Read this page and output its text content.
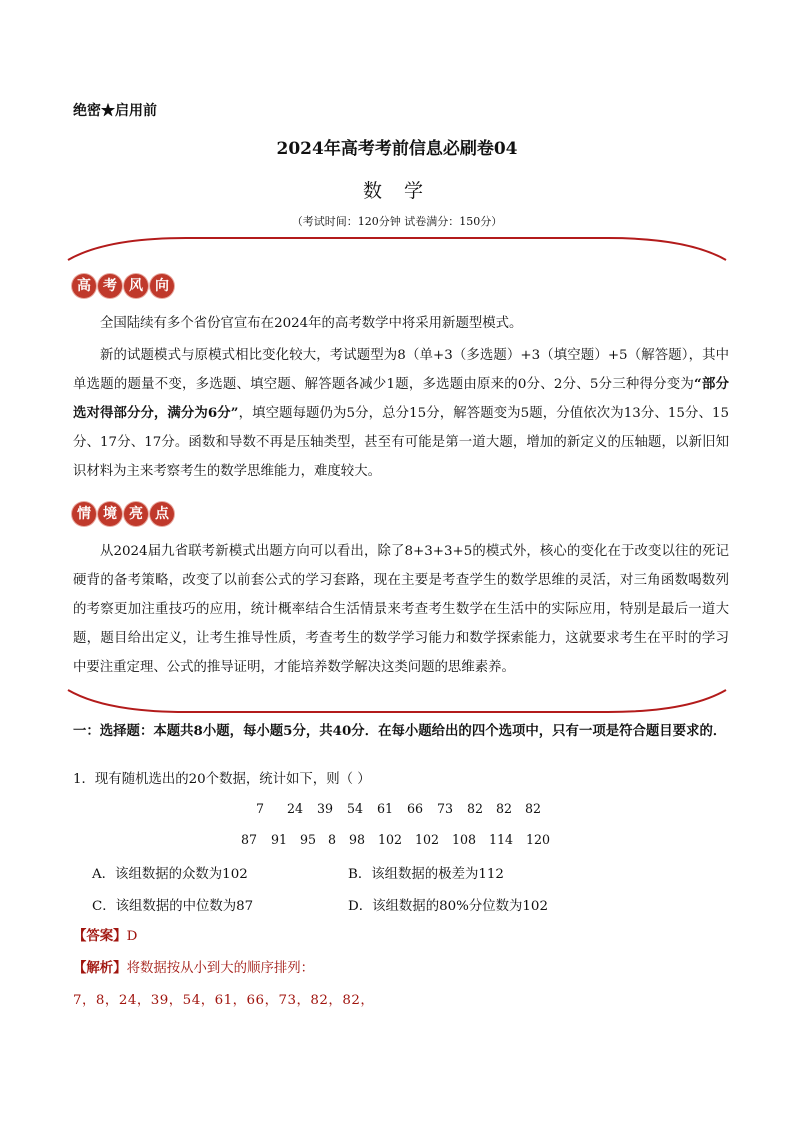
绝密★启用前
2024年高考考前信息必刷卷04
数 学
（考试时间：120分钟 试卷满分：150分）
高 考 风 向

全国陆续有多个省份官宣布在2024年的高考数学中将采用新题型模式。

新的试题模式与原模式相比变化较大，考试题型为8（单+3（多选题）+3（填空题）+5（解答题），其中单选题的题量不变，多选题、填空题、解答题各减少1题，多选题由原来的0分、2分、5分三种得分变为“部分选对得部分分，满分为6分”，填空题每题仍为5分，总分15分，解答题变为5题，分值依次为13分、15分、15分、17分、17分。函数和导数不再是压轴类型，甚至有可能是第一道大题，增加的新定义的压轴题，以新旧知识材料为主来考察考生的数学思维能力，难度较大。

情 境 亮 点

从2024届九省联考新模式出题方向可以看出，除了8+3+3+5的模式外，核心的变化在于改变以往的死记硬背的备考策略，改变了以前套公式的学习套路，现在主要是考查学生的数学思维的灵活，对三角函数喝数列的考察更加注重技巧的应用，统计概率结合生活情景来考查考生数学在生活中的实际应用，特别是最后一道大题，题目给出定义，让考生推导性质，考查考生的数学学习能力和数学探索能力，这就要求考生在平时的学习中要注重定理、公式的推导证明，才能培养数学解决这类问题的思维素养。

一：选择题：本题共8小题，每小题5分，共40分．在每小题给出的四个选项中，只有一项是符合题目要求的．

1．现有随机选出的20个数据，统计如下，则（ ）
7	24	39	54	61	66	73	82	82	82
87	91	95 8	98	102	102	108	114	120
A．该组数据的众数为102	B．该组数据的极差为112
C．该组数据的中位数为87	D．该组数据的80%分位数为102
【答案】D
【解析】将数据按从小到大的顺序排列：
7，8，24，39，54，61，66，73，82，82，
